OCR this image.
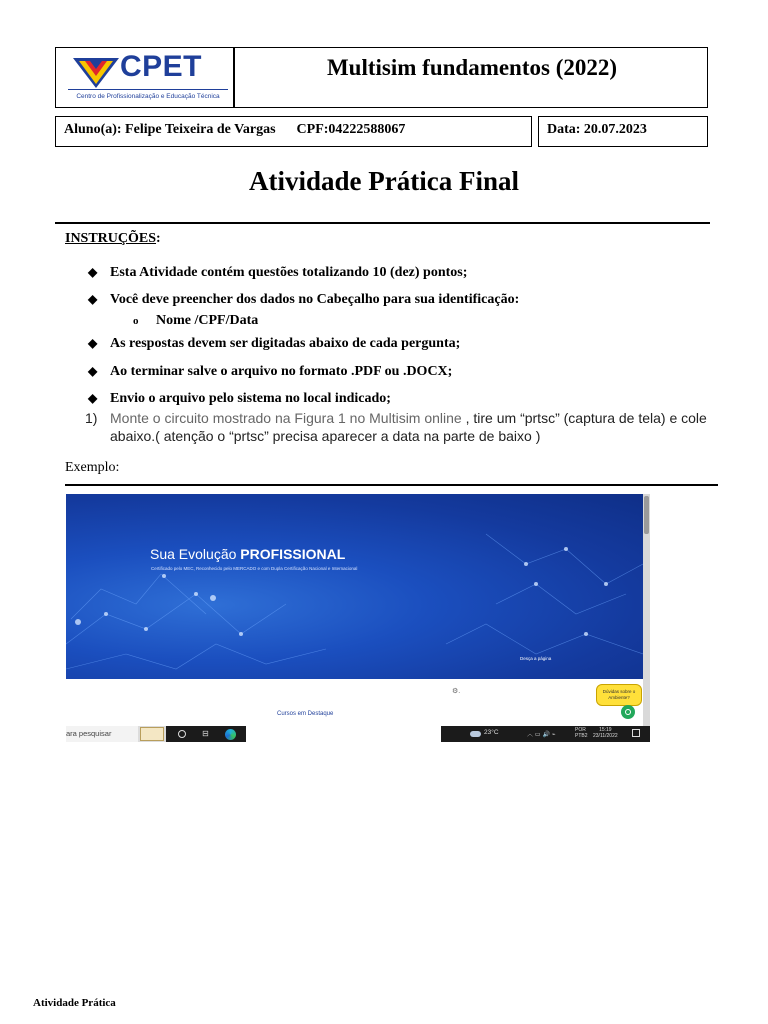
CPET
Centro de Profissionalização e Educação Técnica
Multisim fundamentos (2022)
Aluno(a): Felipe Teixeira de Vargas      CPF:04222588067	Data: 20.07.2023
Atividade Prática Final
INSTRUÇÕES:
◆ Esta Atividade contém questões totalizando 10 (dez) pontos;
◆ Você deve preencher dos dados no Cabeçalho para sua identificação:
o Nome /CPF/Data
◆ As respostas devem ser digitadas abaixo de cada pergunta;
◆ Ao terminar salve o arquivo no formato .PDF ou .DOCX;
◆ Envio o arquivo pelo sistema no local indicado;
1) Monte o circuito mostrado na Figura 1 no Multisim online , tire um “prtsc” (captura de tela) e cole abaixo.( atenção o “prtsc” precisa aparecer a data na parte de baixo )
Exemplo:
Sua Evolução PROFISSIONAL
Certificado pelo MEC, Reconhecido pelo MERCADO e com Dupla Certificação Nacional e Internacional
Desça a página
⚙.
Cursos em Destaque
Dúvidas sobre o Ambiente?
ara pesquisar	⊟	23°C	︿ ▭ 🔊 ⌁
POR
PTB2
15:19
23/11/2022
Atividade Prática
